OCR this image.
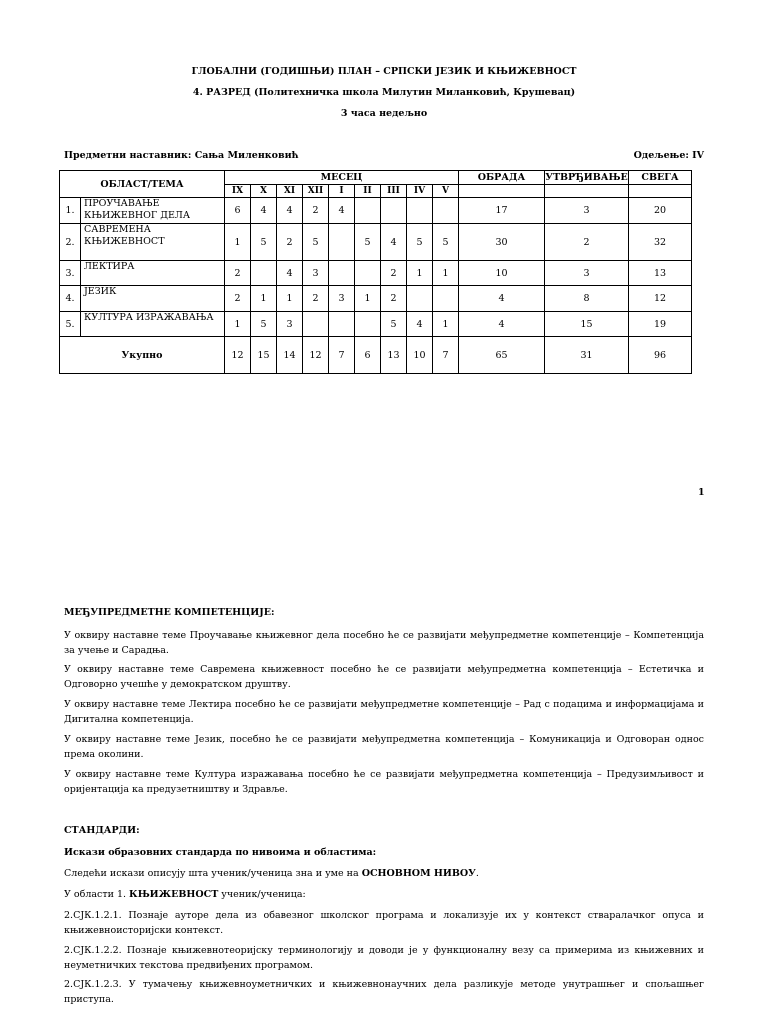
ГЛОБАЛНИ (ГОДИШЊИ) ПЛАН – СРПСКИ ЈЕЗИК И КЊИЖЕВНОСТ
4. РАЗРЕД (Политехничка школа Милутин Миланковић, Крушевац)
3 часа недељно
Предметни наставник: Сања Миленковић	Одељење: IV
ОБЛАСТ/ТЕМА		МЕСЕЦ									ОБРАДА	УТВРЂИВАЊЕ	СВЕГА
		IX	X	XI	XII	I	II	III	IV	V			
1.	ПРОУЧАВАЊЕ КЊИЖЕВНОГ ДЕЛА	6	4	4	2	4					17	3	20
2.	САВРЕМЕНА КЊИЖЕВНОСТ	1	5	2	5		5	4	5	5	30	2	32
3.	ЛЕКТИРА	2		4	3			2	1	1	10	3	13
4.	ЈЕЗИК	2	1	1	2	3	1	2			4	8	12
5.	КУЛТУРА ИЗРАЖАВАЊА	1	5	3				5	4	1	4	15	19
Укупно		12	15	14	12	7	6	13	10	7	65	31	96
1
МЕЂУПРЕДМЕТНЕ КОМПЕТЕНЦИЈЕ:
У оквиру наставне теме Проучавање књижевног дела посебно ће се развијати међупредметне компетенције – Компетенција за учење и Сарадња.
У оквиру наставне теме Савремена књижевност посебно ће се развијати међупредметна компетенција – Естетичка и Одговорно учешће у демократском друштву.
У оквиру наставне теме Лектира посебно ће се развијати међупредметне компетенције – Рад с подацима и информацијама и Дигитална компетенција.
У оквиру наставне теме Језик, посебно ће се развијати међупредметна компетенција – Комуникација и Одговоран однос према околини.
У оквиру наставне теме Култура изражавања посебно ће се развијати међупредметна компетенција – Предузимљивост и оријентација ка предузетништву и Здравље.
СТАНДАРДИ:
Искази образовних стандарда по нивоима и областима:
Следећи искази описују шта ученик/ученица зна и уме на ОСНОВНОМ НИВОУ.
У области 1. КЊИЖЕВНОСТ ученик/ученица:
2.СЈК.1.2.1. Познаје ауторе дела из обавезног школског програма и локализује их у контекст стваралачког опуса и књижевноисторијски контекст.
2.СЈК.1.2.2. Познаје књижевнотеоријску терминологију и доводи је у функционалну везу са примерима из књижевних и неуметничких текстова предвиђених програмом.
2.СЈК.1.2.3. У тумачењу књижевноуметничких и књижевнонаучних дела разликује методе унутрашњег и спољашњег приступа.
